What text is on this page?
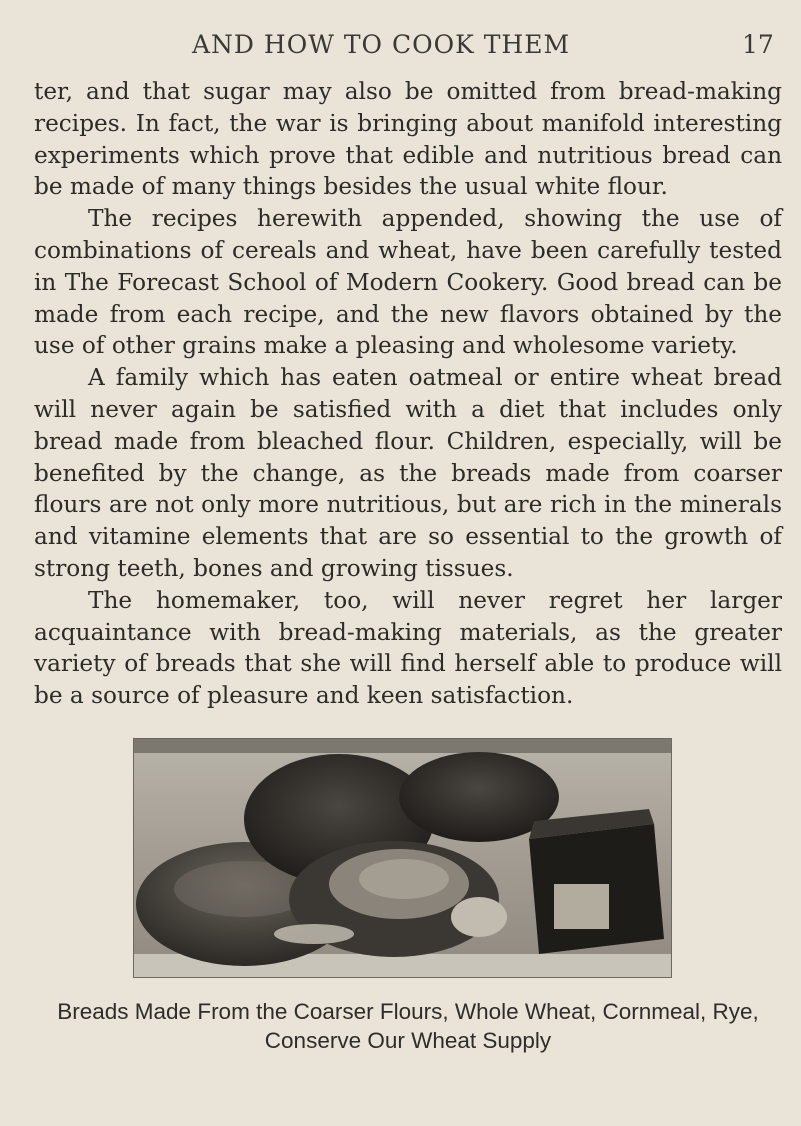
AND HOW TO COOK THEM	17

ter, and that sugar may also be omitted from bread-making recipes. In fact, the war is bringing about manifold interesting experiments which prove that edible and nutritious bread can be made of many things besides the usual white flour.

The recipes herewith appended, showing the use of combinations of cereals and wheat, have been carefully tested in The Forecast School of Modern Cookery. Good bread can be made from each recipe, and the new flavors obtained by the use of other grains make a pleasing and wholesome variety.

A family which has eaten oatmeal or entire wheat bread will never again be satisfied with a diet that includes only bread made from bleached flour. Children, especially, will be benefited by the change, as the breads made from coarser flours are not only more nutritious, but are rich in the minerals and vitamine elements that are so essential to the growth of strong teeth, bones and growing tissues.

The homemaker, too, will never regret her larger acquaintance with bread-making materials, as the greater variety of breads that she will find herself able to produce will be a source of pleasure and keen satisfaction.

Breads Made From the Coarser Flours, Whole Wheat, Cornmeal, Rye,
Conserve Our Wheat Supply
